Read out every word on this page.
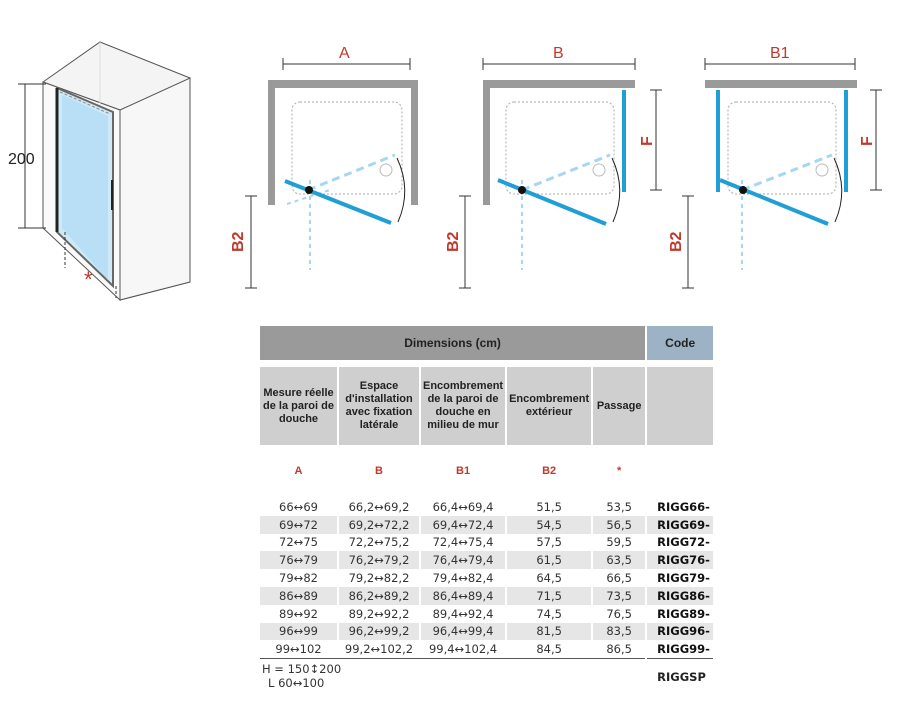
200
*
A
B2
B
F
B2
B1
F
B2
Dimensions (cm)					Code

Mesure réelle de la paroi de douche	Espace d'installation avec fixation latérale	Encombrement de la paroi de douche en milieu de mur	Encombrement extérieur	Passage	
A	B	B1	B2	*	
66↔69	66,2↔69,2	66,4↔69,4	51,5	53,5	RIGG66-
69↔72	69,2↔72,2	69,4↔72,4	54,5	56,5	RIGG69-
72↔75	72,2↔75,2	72,4↔75,4	57,5	59,5	RIGG72-
76↔79	76,2↔79,2	76,4↔79,4	61,5	63,5	RIGG76-
79↔82	79,2↔82,2	79,4↔82,4	64,5	66,5	RIGG79-
86↔89	86,2↔89,2	86,4↔89,4	71,5	73,5	RIGG86-
89↔92	89,2↔92,2	89,4↔92,4	74,5	76,5	RIGG89-
96↔99	96,2↔99,2	96,4↔99,4	81,5	83,5	RIGG96-
99↔102	99,2↔102,2	99,4↔102,4	84,5	86,5	RIGG99-

H = 150↕200
L 60↔100					RIGGSP
